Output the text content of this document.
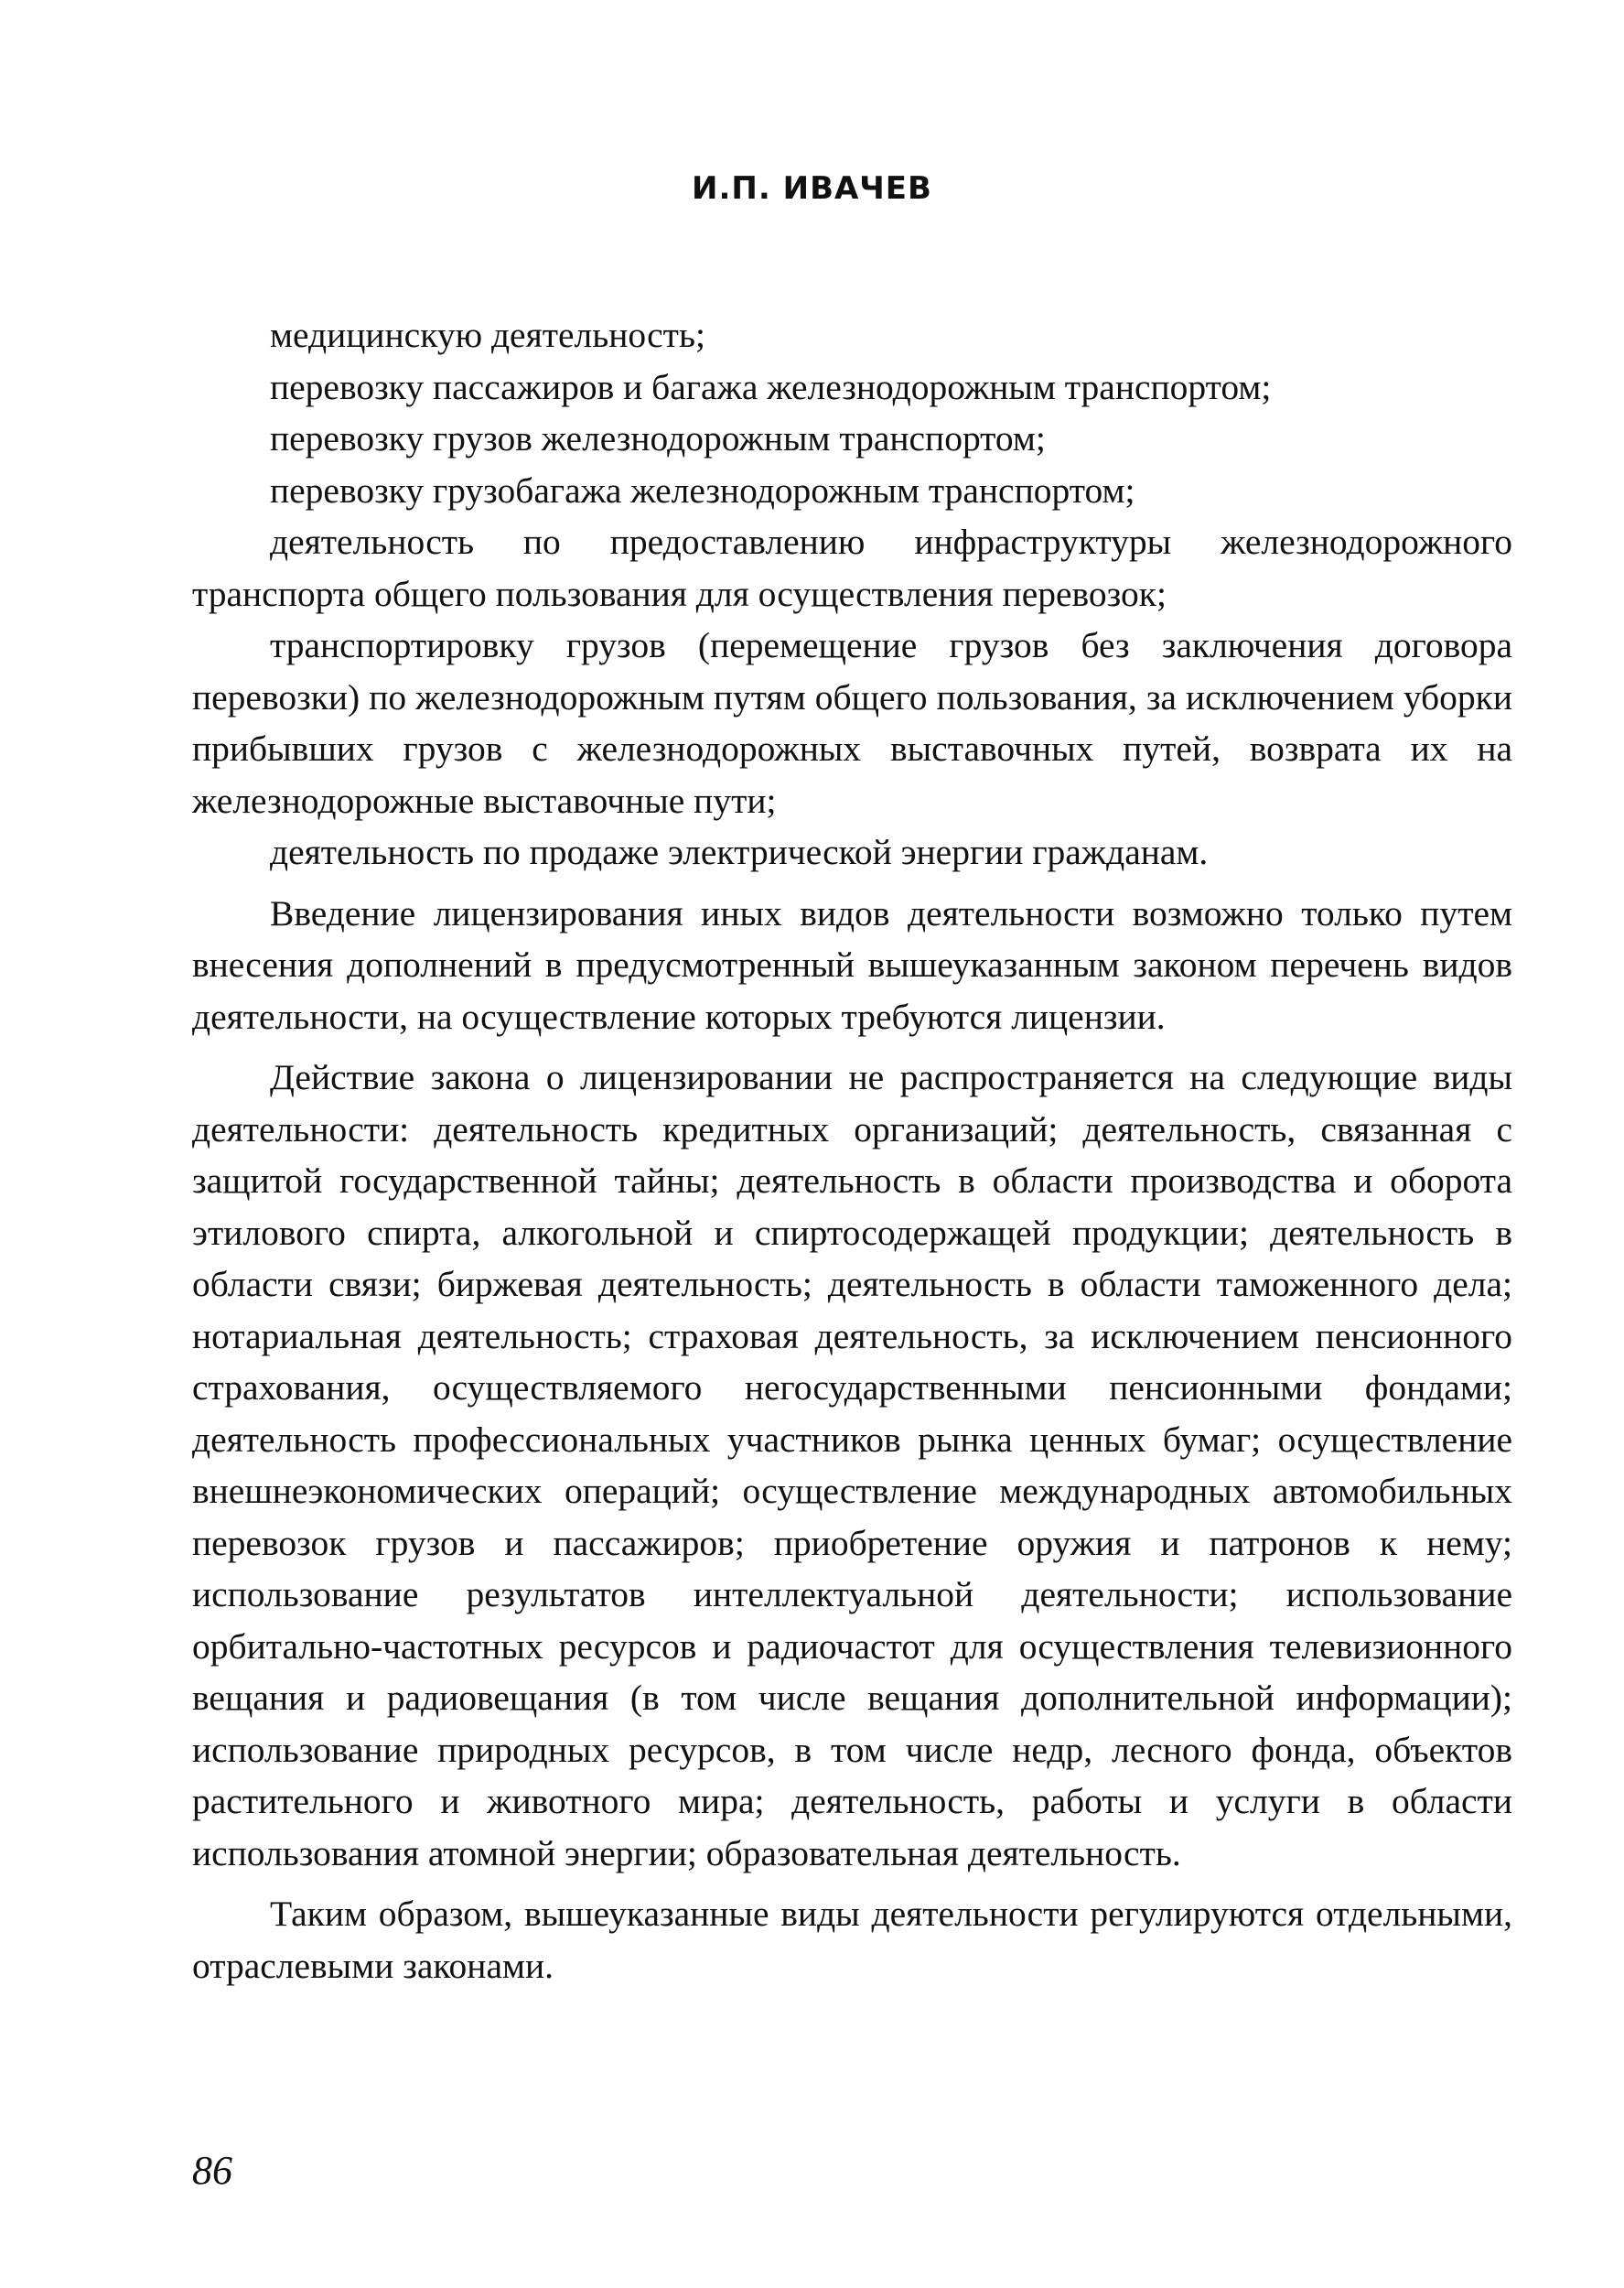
И.П. ИВАЧЕВ

медицинскую деятельность;

перевозку пассажиров и багажа железнодорожным транспортом;

перевозку грузов железнодорожным транспортом;

перевозку грузобагажа железнодорожным транспортом;

деятельность по предоставлению инфраструктуры железнодорожного транспорта общего пользования для осуществления перевозок;

транспортировку грузов (перемещение грузов без заключения договора перевозки) по железнодорожным путям общего пользования, за исключением уборки прибывших грузов с железнодорожных выставочных путей, возврата их на железнодорожные выставочные пути;

деятельность по продаже электрической энергии гражданам.

Введение лицензирования иных видов деятельности возможно только путем внесения дополнений в предусмотренный вышеуказанным законом перечень видов деятельности, на осуществление которых требуются лицензии.

Действие закона о лицензировании не распространяется на следующие виды деятельности: деятельность кредитных организаций; деятельность, связанная с защитой государственной тайны; деятельность в области производства и оборота этилового спирта, алкогольной и спиртосодержащей продукции; деятельность в области связи; биржевая деятельность; деятельность в области таможенного дела; нотариальная деятельность; страховая деятельность, за исключением пенсионного страхования, осуществляемого негосударственными пенсионными фондами; деятельность профессиональных участников рынка ценных бумаг; осуществление внешнеэкономических операций; осуществление международных автомобильных перевозок грузов и пассажиров; приобретение оружия и патронов к нему; использование результатов интеллектуальной деятельности; использование орбитально-частотных ресурсов и радиочастот для осуществления телевизионного вещания и радиовещания (в том числе вещания дополнительной информации); использование природных ресурсов, в том числе недр, лесного фонда, объектов растительного и животного мира; деятельность, работы и услуги в области использования атомной энергии; образовательная деятельность.

Таким образом, вышеуказанные виды деятельности регулируются отдельными, отраслевыми законами.

86
